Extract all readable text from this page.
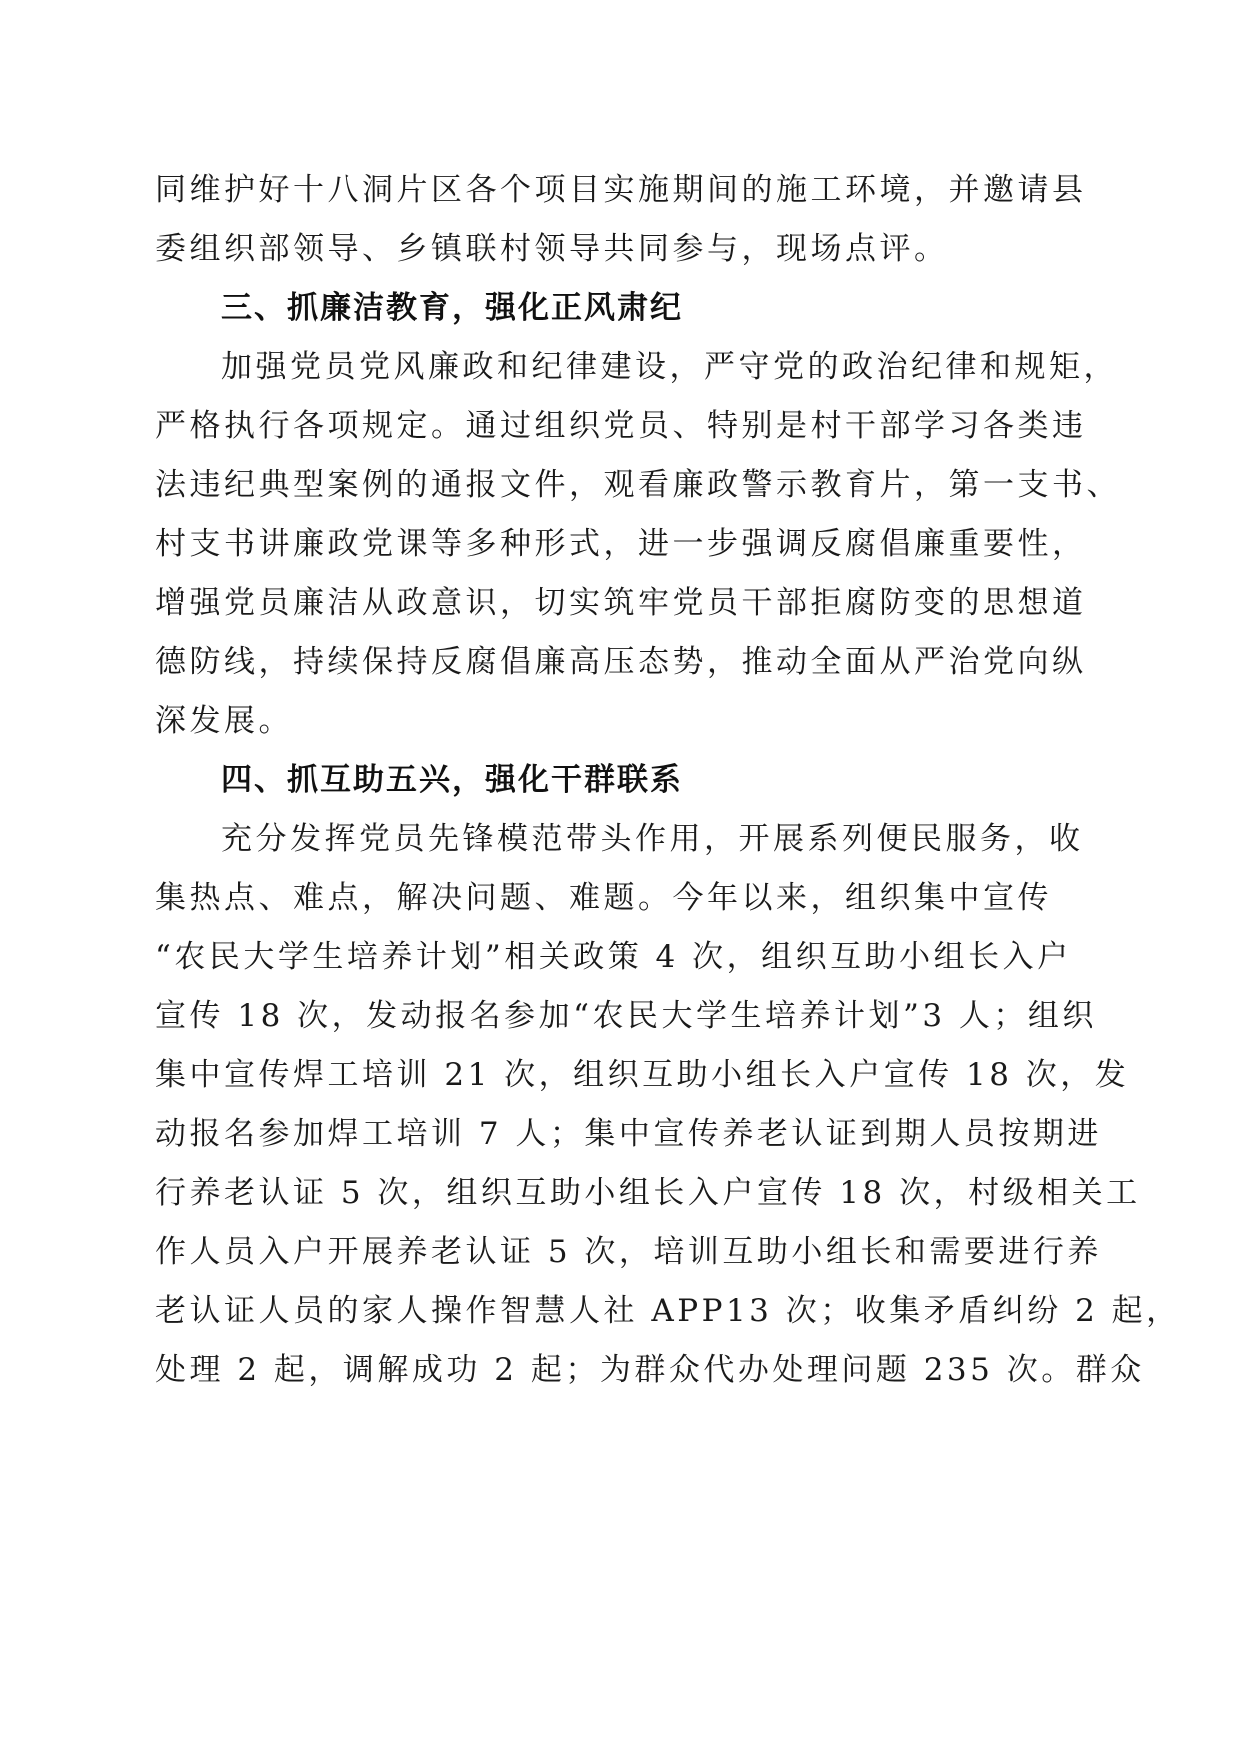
同维护好十八洞片区各个项目实施期间的施工环境，并邀请县

委组织部领导、乡镇联村领导共同参与，现场点评。

三、抓廉洁教育，强化正风肃纪

加强党员党风廉政和纪律建设，严守党的政治纪律和规矩，

严格执行各项规定。通过组织党员、特别是村干部学习各类违

法违纪典型案例的通报文件，观看廉政警示教育片，第一支书、

村支书讲廉政党课等多种形式，进一步强调反腐倡廉重要性，

增强党员廉洁从政意识，切实筑牢党员干部拒腐防变的思想道

德防线，持续保持反腐倡廉高压态势，推动全面从严治党向纵

深发展。

四、抓互助五兴，强化干群联系

充分发挥党员先锋模范带头作用，开展系列便民服务，收

集热点、难点，解决问题、难题。今年以来，组织集中宣传

“农民大学生培养计划”相关政策 4 次，组织互助小组长入户

宣传 18 次，发动报名参加“农民大学生培养计划”3 人；组织

集中宣传焊工培训 21 次，组织互助小组长入户宣传 18 次，发

动报名参加焊工培训 7 人；集中宣传养老认证到期人员按期进

行养老认证 5 次，组织互助小组长入户宣传 18 次，村级相关工

作人员入户开展养老认证 5 次，培训互助小组长和需要进行养

老认证人员的家人操作智慧人社 APP13 次；收集矛盾纠纷 2 起，

处理 2 起，调解成功 2 起；为群众代办处理问题 235 次。群众
